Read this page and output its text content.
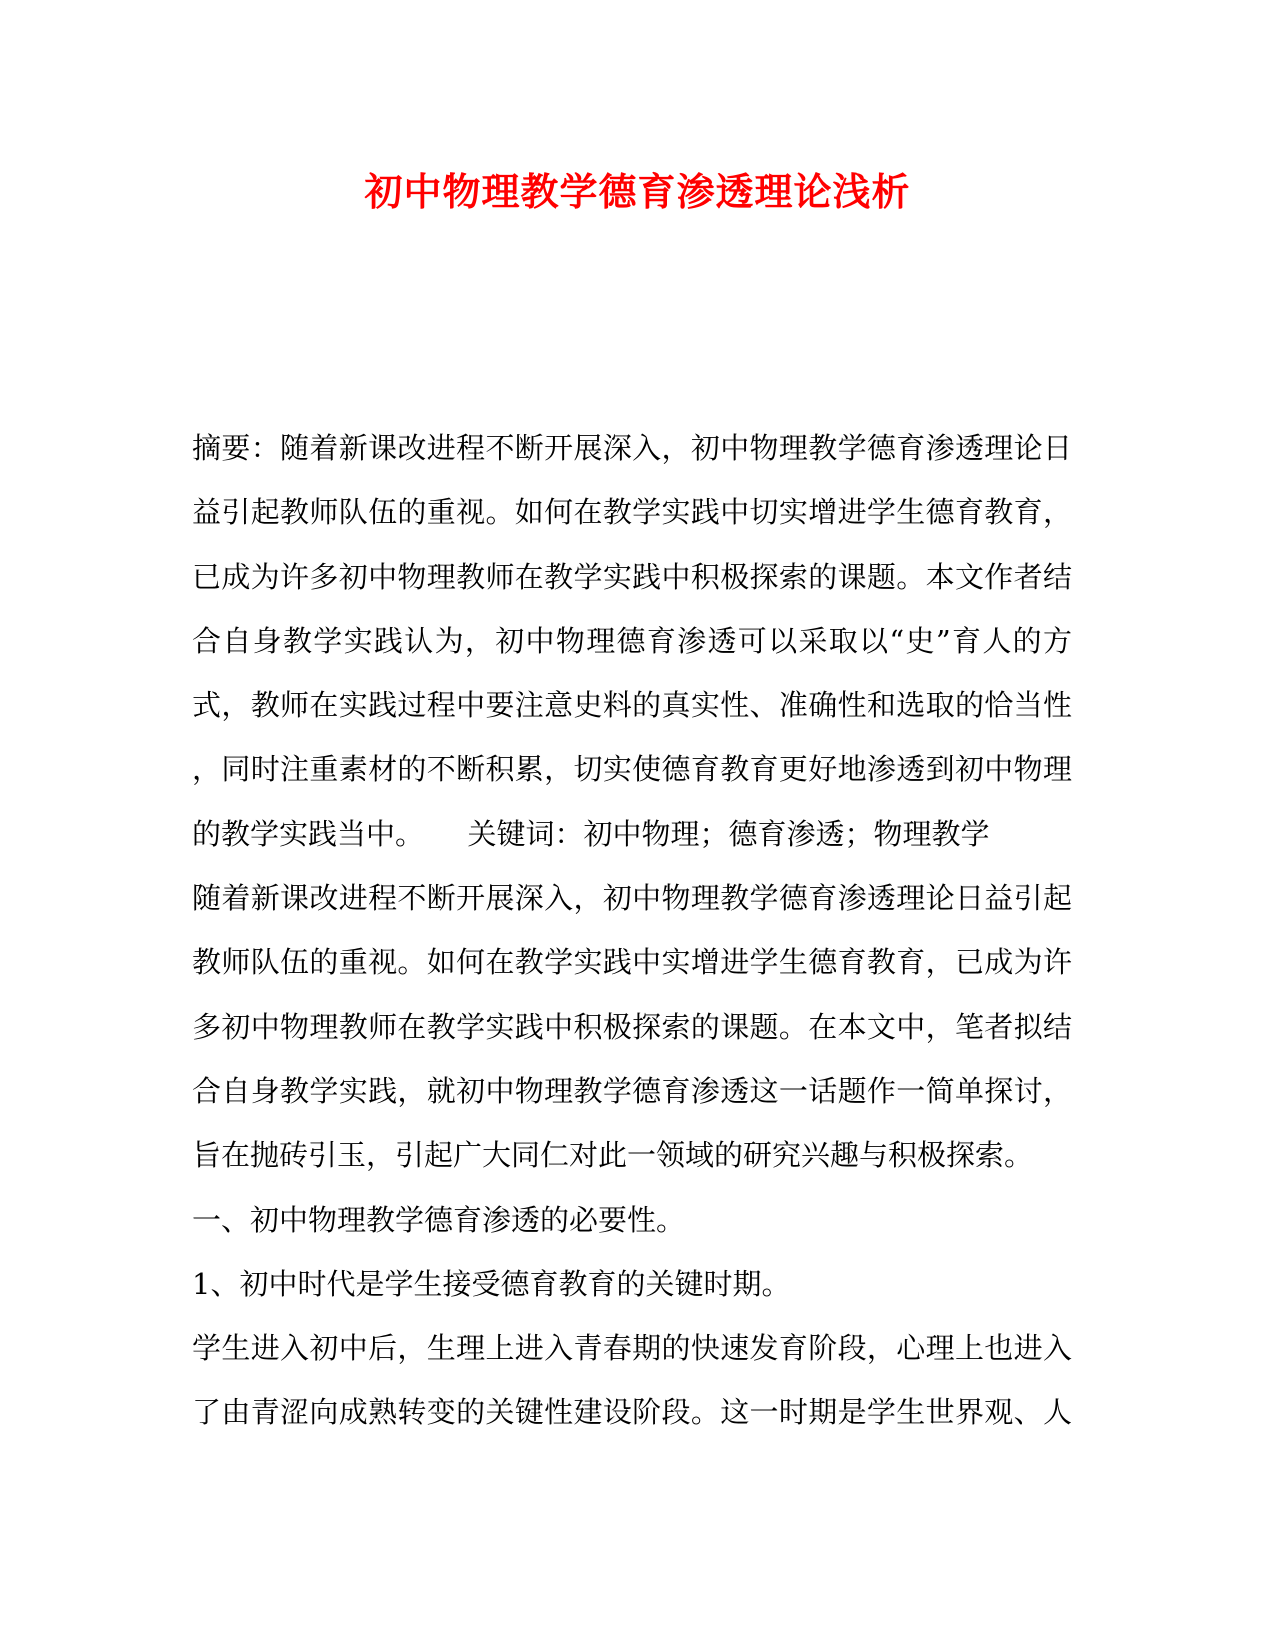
初中物理教学德育渗透理论浅析
摘要：随着新课改进程不断开展深入，初中物理教学德育渗透理论日
益引起教师队伍的重视。如何在教学实践中切实增进学生德育教育，
已成为许多初中物理教师在教学实践中积极探索的课题。本文作者结
合自身教学实践认为，初中物理德育渗透可以采取以“史”育人的方
式，教师在实践过程中要注意史料的真实性、准确性和选取的恰当性
，同时注重素材的不断积累，切实使德育教育更好地渗透到初中物理
的教学实践当中。　　关键词：初中物理；德育渗透；物理教学
随着新课改进程不断开展深入，初中物理教学德育渗透理论日益引起
教师队伍的重视。如何在教学实践中实增进学生德育教育，已成为许
多初中物理教师在教学实践中积极探索的课题。在本文中，笔者拟结
合自身教学实践，就初中物理教学德育渗透这一话题作一简单探讨，
旨在抛砖引玉，引起广大同仁对此一领域的研究兴趣与积极探索。
一、初中物理教学德育渗透的必要性。
1、初中时代是学生接受德育教育的关键时期。
学生进入初中后，生理上进入青春期的快速发育阶段，心理上也进入
了由青涩向成熟转变的关键性建设阶段。这一时期是学生世界观、人
